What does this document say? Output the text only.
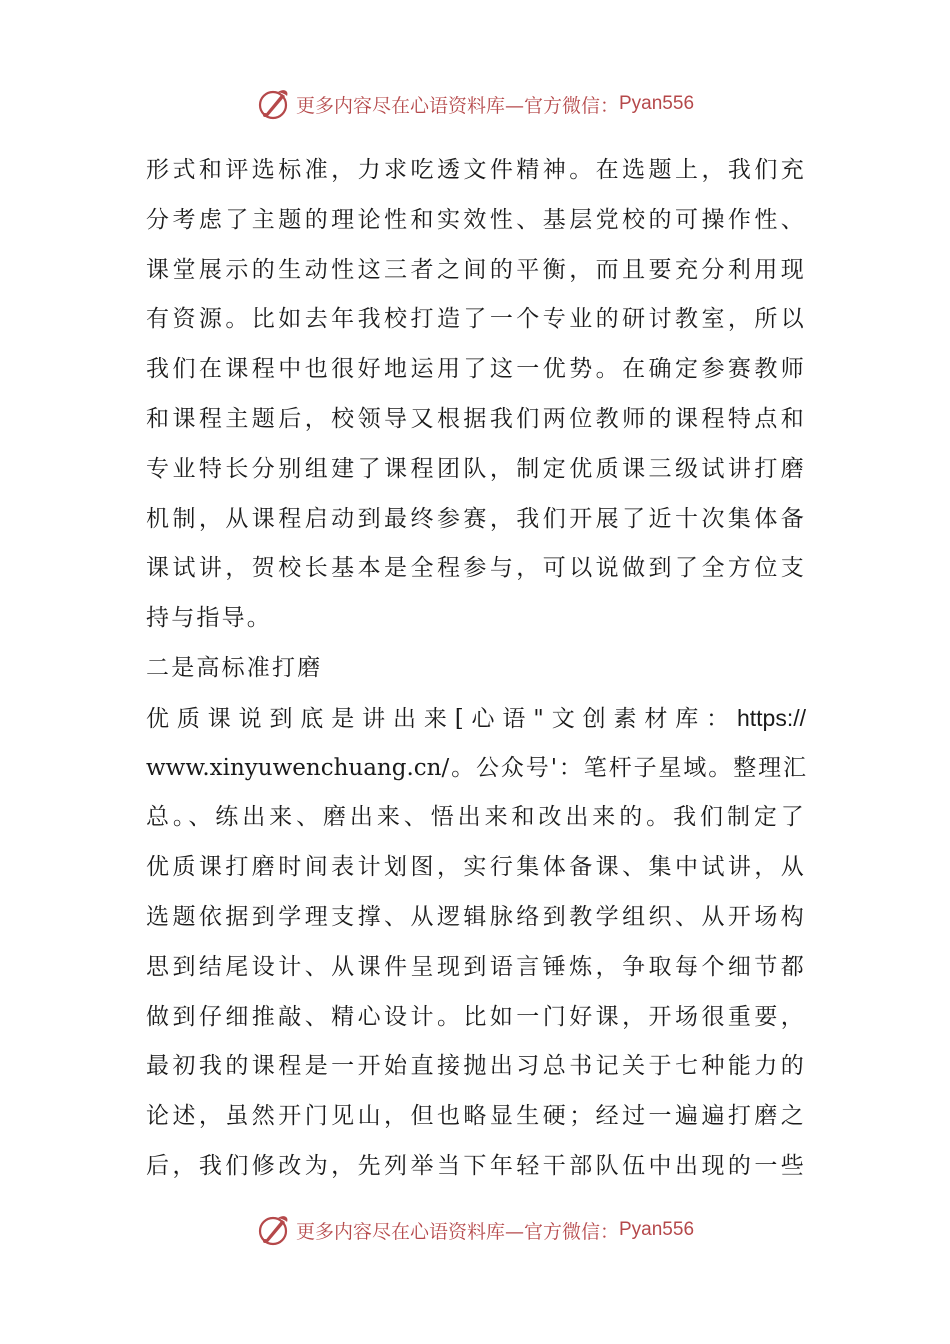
更多内容尽在心语资料库—官方微信： Pyan556
形式和评选标准，力求吃透文件精神。在选题上，我们充
分考虑了主题的理论性和实效性、基层党校的可操作性、
课堂展示的生动性这三者之间的平衡，而且要充分利用现
有资源。比如去年我校打造了一个专业的研讨教室，所以
我们在课程中也很好地运用了这一优势。在确定参赛教师
和课程主题后，校领导又根据我们两位教师的课程特点和
专业特长分别组建了课程团队，制定优质课三级试讲打磨
机制，从课程启动到最终参赛，我们开展了近十次集体备
课试讲，贺校长基本是全程参与，可以说做到了全方位支
持与指导。
二是高标准打磨
优质课说到底是讲出来[心语"文创素材库：https://
www.xinyuwenchuang.cn/。公众号'：笔杆子星域。整理汇
总。、练出来、磨出来、悟出来和改出来的。我们制定了
优质课打磨时间表计划图，实行集体备课、集中试讲，从
选题依据到学理支撑、从逻辑脉络到教学组织、从开场构
思到结尾设计、从课件呈现到语言锤炼，争取每个细节都
做到仔细推敲、精心设计。比如一门好课，开场很重要，
最初我的课程是一开始直接抛出习总书记关于七种能力的
论述，虽然开门见山，但也略显生硬；经过一遍遍打磨之
后，我们修改为，先列举当下年轻干部队伍中出现的一些
更多内容尽在心语资料库—官方微信： Pyan556
